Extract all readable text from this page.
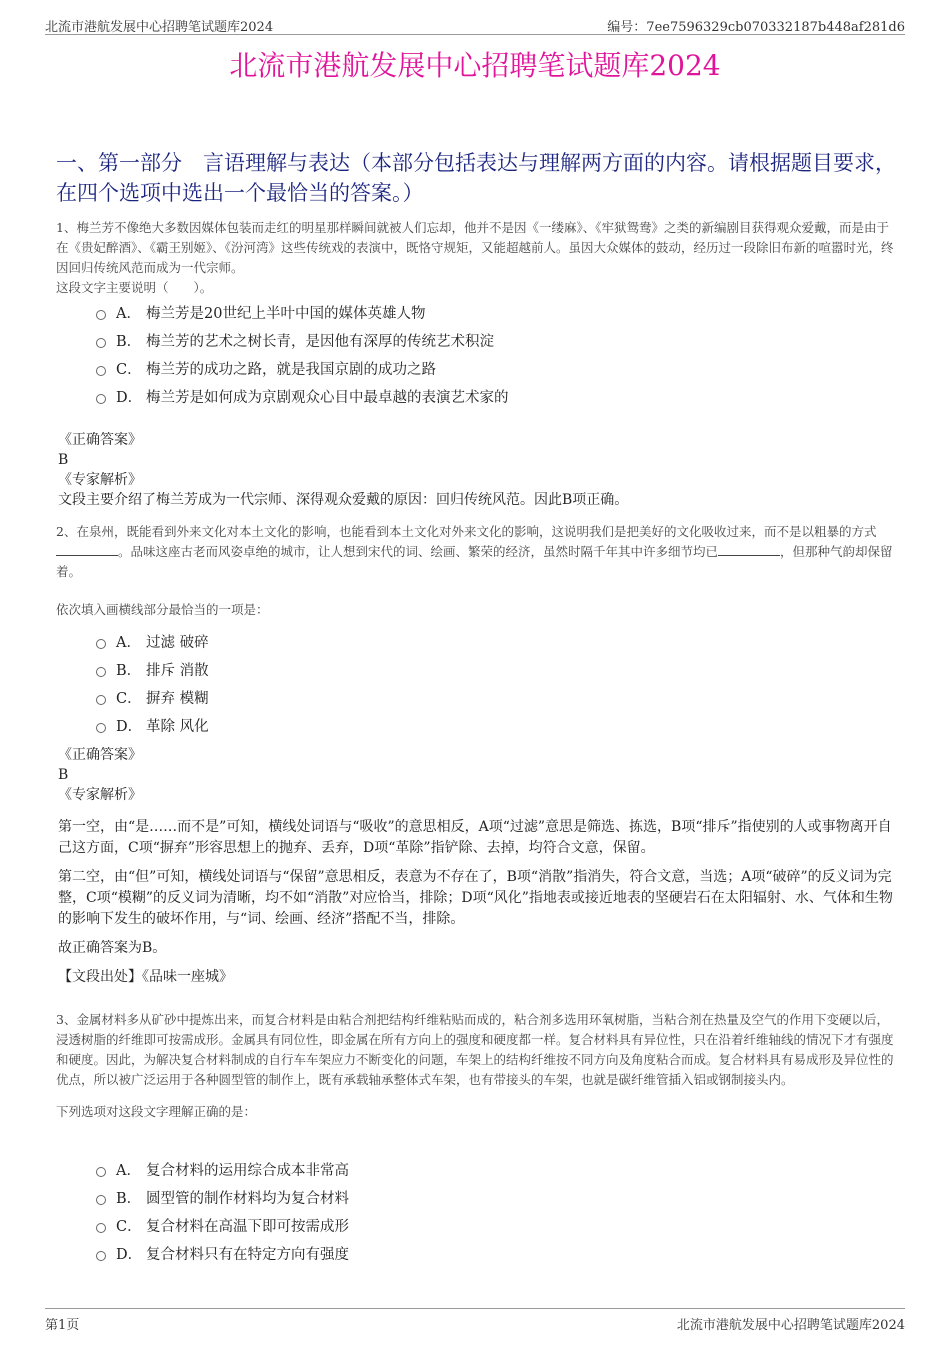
北流市港航发展中心招聘笔试题库2024	编号：7ee7596329cb070332187b448af281d6
北流市港航发展中心招聘笔试题库2024
一、第一部分　言语理解与表达（本部分包括表达与理解两方面的内容。请根据题目要求，在四个选项中选出一个最恰当的答案。）
1、梅兰芳不像绝大多数因媒体包装而走红的明星那样瞬间就被人们忘却，他并不是因《一缕麻》、《牢狱鸳鸯》之类的新编剧目获得观众爱戴，而是由于在《贵妃醉酒》、《霸王别姬》、《汾河湾》这些传统戏的表演中，既恪守规矩，又能超越前人。虽因大众媒体的鼓动，经历过一段除旧布新的喧嚣时光，终因回归传统风范而成为一代宗师。
这段文字主要说明（　　）。
A． 梅兰芳是20世纪上半叶中国的媒体英雄人物
B． 梅兰芳的艺术之树长青，是因他有深厚的传统艺术积淀
C． 梅兰芳的成功之路，就是我国京剧的成功之路
D． 梅兰芳是如何成为京剧观众心目中最卓越的表演艺术家的
《正确答案》
B
《专家解析》
文段主要介绍了梅兰芳成为一代宗师、深得观众爱戴的原因：回归传统风范。因此B项正确。
2、在泉州，既能看到外来文化对本土文化的影响，也能看到本土文化对外来文化的影响，这说明我们是把美好的文化吸收过来，而不是以粗暴的方式。品味这座古老而风姿卓绝的城市，让人想到宋代的词、绘画、繁荣的经济，虽然时隔千年其中许多细节均已	，但那种气韵却保留着。
依次填入画横线部分最恰当的一项是：
A． 过滤 破碎
B． 排斥 消散
C． 摒弃 模糊
D． 革除 风化
《正确答案》
B
《专家解析》
第一空，由“是……而不是”可知，横线处词语与“吸收”的意思相反，A项“过滤”意思是筛选、拣选，B项“排斥”指使别的人或事物离开自己这方面，C项“摒弃”形容思想上的抛弃、丢弃，D项“革除”指铲除、去掉，均符合文意，保留。
第二空，由“但”可知，横线处词语与“保留”意思相反，表意为不存在了，B项“消散”指消失，符合文意，当选；A项“破碎”的反义词为完整，C项“模糊”的反义词为清晰，均不如“消散”对应恰当，排除；D项“风化”指地表或接近地表的坚硬岩石在太阳辐射、水、气体和生物的影响下发生的破坏作用，与“词、绘画、经济”搭配不当，排除。
故正确答案为B。
【文段出处】《品味一座城》
3、金属材料多从矿砂中提炼出来，而复合材料是由粘合剂把结构纤维粘贴而成的，粘合剂多选用环氧树脂，当粘合剂在热量及空气的作用下变硬以后，浸透树脂的纤维即可按需成形。金属具有同位性，即金属在所有方向上的强度和硬度都一样。复合材料具有异位性，只在沿着纤维轴线的情况下才有强度和硬度。因此，为解决复合材料制成的自行车车架应力不断变化的问题，车架上的结构纤维按不同方向及角度粘合而成。复合材料具有易成形及异位性的优点，所以被广泛运用于各种圆型管的制作上，既有承载轴承整体式车架，也有带接头的车架，也就是碳纤维管插入铝或钢制接头内。
下列选项对这段文字理解正确的是：
A． 复合材料的运用综合成本非常高
B． 圆型管的制作材料均为复合材料
C． 复合材料在高温下即可按需成形
D． 复合材料只有在特定方向有强度
第1页	北流市港航发展中心招聘笔试题库2024
